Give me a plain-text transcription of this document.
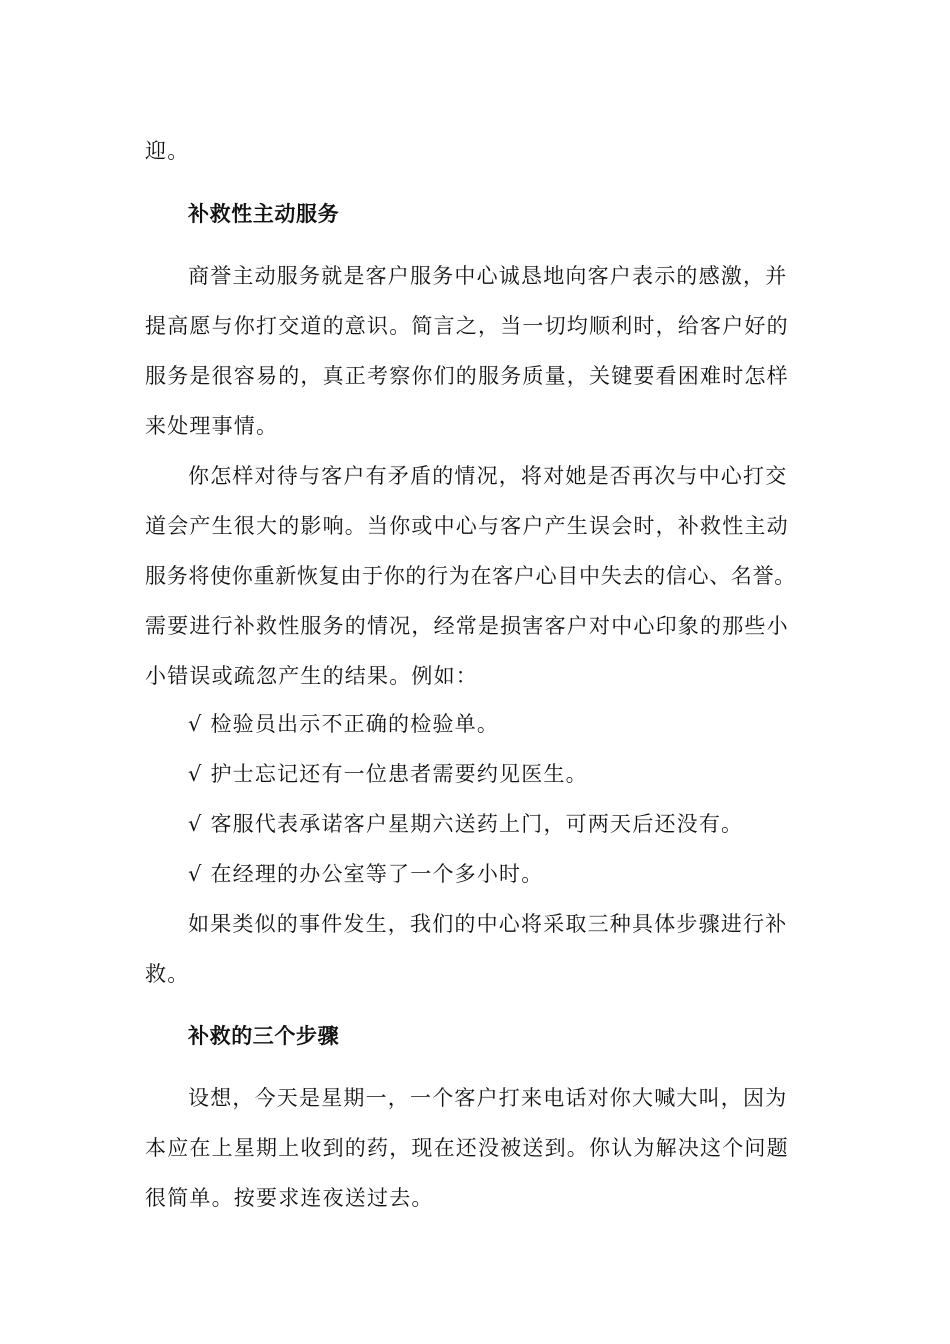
迎。
补救性主动服务
商誉主动服务就是客户服务中心诚恳地向客户表示的感激，并
提高愿与你打交道的意识。简言之，当一切均顺利时，给客户好的
服务是很容易的，真正考察你们的服务质量，关键要看困难时怎样
来处理事情。
你怎样对待与客户有矛盾的情况，将对她是否再次与中心打交
道会产生很大的影响。当你或中心与客户产生误会时，补救性主动
服务将使你重新恢复由于你的行为在客户心目中失去的信心、名誉。
需要进行补救性服务的情况，经常是损害客户对中心印象的那些小
小错误或疏忽产生的结果。例如：
√ 检验员出示不正确的检验单。
√ 护士忘记还有一位患者需要约见医生。
√ 客服代表承诺客户星期六送药上门，可两天后还没有。
√ 在经理的办公室等了一个多小时。
如果类似的事件发生，我们的中心将采取三种具体步骤进行补
救。
补救的三个步骤
设想，今天是星期一，一个客户打来电话对你大喊大叫，因为
本应在上星期上收到的药，现在还没被送到。你认为解决这个问题
很简单。按要求连夜送过去。
